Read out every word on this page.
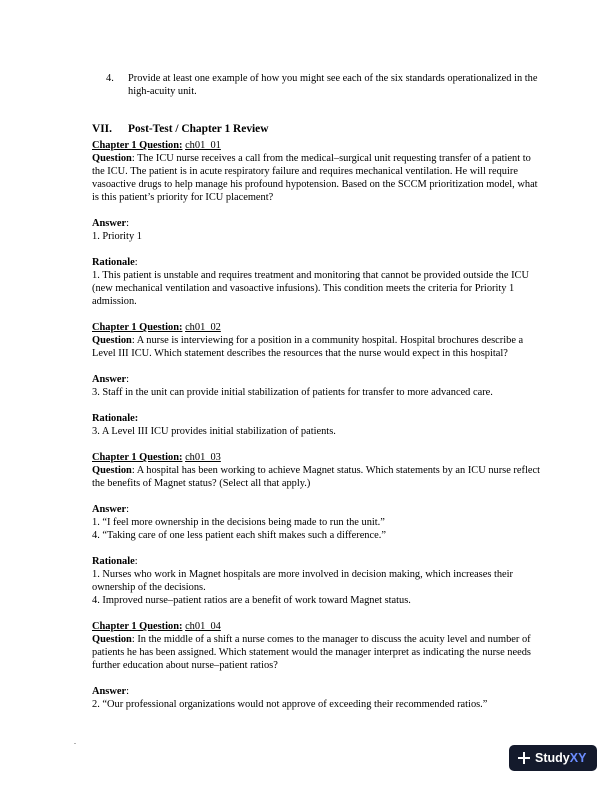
4. Provide at least one example of how you might see each of the six standards operationalized in the high-acuity unit.
VII. Post-Test / Chapter 1 Review

Chapter 1 Question: ch01_01

Question: The ICU nurse receives a call from the medical–surgical unit requesting transfer of a patient to the ICU. The patient is in acute respiratory failure and requires mechanical ventilation. He will require vasoactive drugs to help manage his profound hypotension. Based on the SCCM prioritization model, what is this patient’s priority for ICU placement?

Answer:

1. Priority 1

Rationale:

1. This patient is unstable and requires treatment and monitoring that cannot be provided outside the ICU (new mechanical ventilation and vasoactive infusions). This condition meets the criteria for Priority 1 admission.

Chapter 1 Question: ch01_02

Question: A nurse is interviewing for a position in a community hospital. Hospital brochures describe a Level III ICU. Which statement describes the resources that the nurse would expect in this hospital?

Answer:

3. Staff in the unit can provide initial stabilization of patients for transfer to more advanced care.

Rationale:

3. A Level III ICU provides initial stabilization of patients.

Chapter 1 Question: ch01_03

Question: A hospital has been working to achieve Magnet status. Which statements by an ICU nurse reflect the benefits of Magnet status? (Select all that apply.)

Answer:

1. “I feel more ownership in the decisions being made to run the unit.”

4. “Taking care of one less patient each shift makes such a difference.”

Rationale:

1. Nurses who work in Magnet hospitals are more involved in decision making, which increases their ownership of the decisions.

4. Improved nurse–patient ratios are a benefit of work toward Magnet status.

Chapter 1 Question: ch01_04

Question: In the middle of a shift a nurse comes to the manager to discuss the acuity level and number of patients he has been assigned. Which statement would the manager interpret as indicating the nurse needs further education about nurse–patient ratios?

Answer:

2. “Our professional organizations would not approve of exceeding their recommended ratios.”

.
Study XY
